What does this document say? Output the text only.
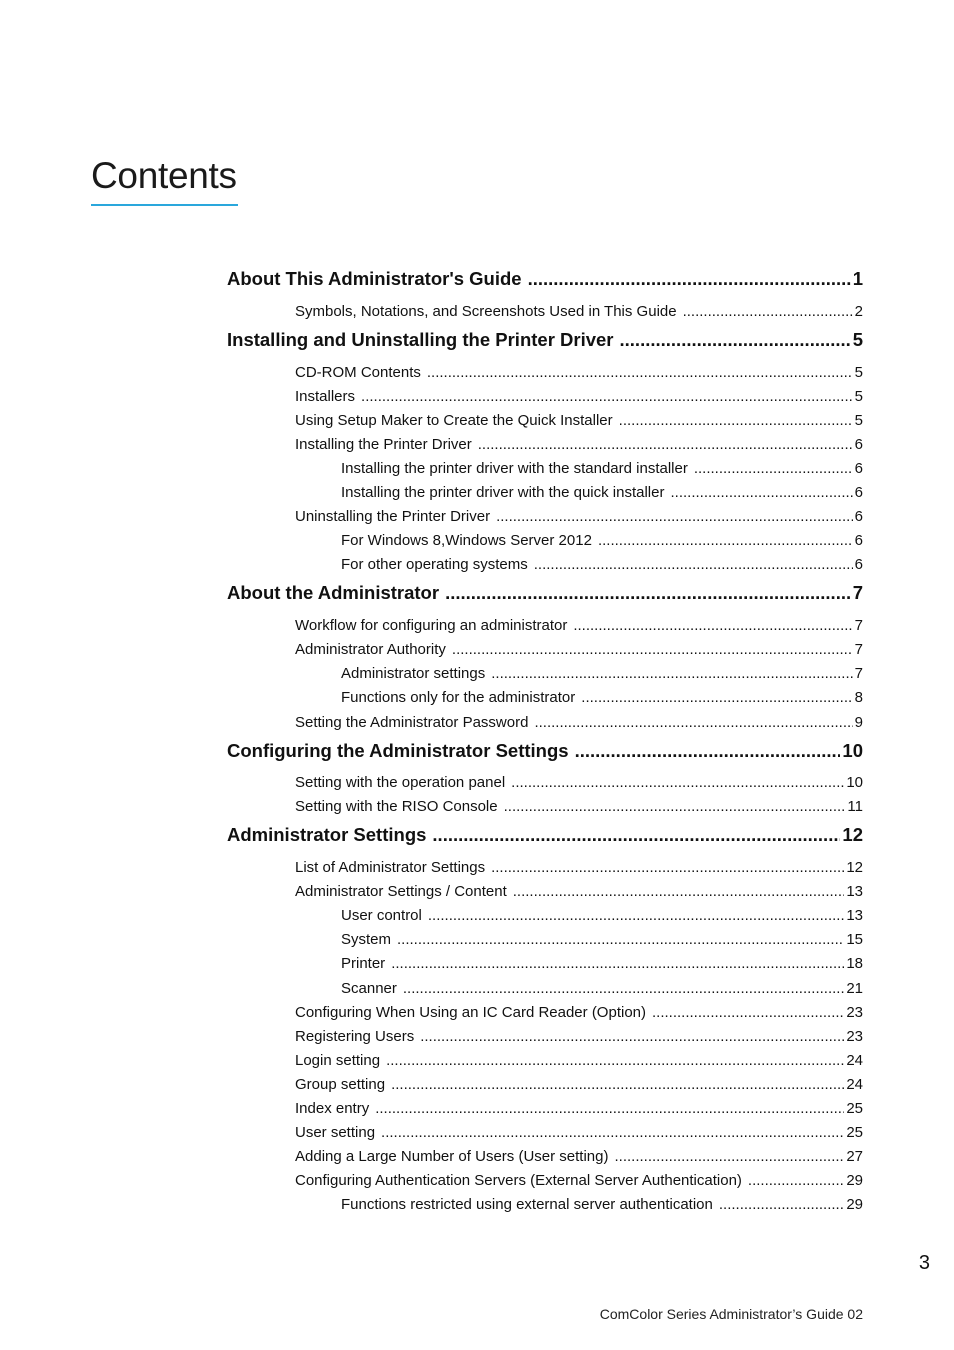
Contents
About This Administrator's Guide .....	1
Symbols, Notations, and Screenshots Used in This Guide .....	2
Installing and Uninstalling the Printer Driver .....	5
CD-ROM Contents .....	5
Installers .....	5
Using Setup Maker to Create the Quick Installer .....	5
Installing the Printer Driver .....	6
Installing the printer driver with the standard installer .....	6
Installing the printer driver with the quick installer .....	6
Uninstalling the Printer Driver .....	6
For Windows 8,Windows Server 2012 .....	6
For other operating systems .....	6
About the Administrator .....	7
Workflow for configuring an administrator .....	7
Administrator Authority .....	7
Administrator settings .....	7
Functions only for the administrator .....	8
Setting the Administrator Password .....	9
Configuring the Administrator Settings .....	10
Setting with the operation panel .....	10
Setting with the RISO Console .....	11
Administrator Settings .....	12
List of Administrator Settings .....	12
Administrator Settings / Content .....	13
User control .....	13
System .....	15
Printer .....	18
Scanner .....	21
Configuring When Using an IC Card Reader (Option) .....	23
Registering Users .....	23
Login setting .....	24
Group setting .....	24
Index entry .....	25
User setting .....	25
Adding a Large Number of Users (User setting) .....	27
Configuring Authentication Servers (External Server Authentication) .....	29
Functions restricted using external server authentication .....	29
3
ComColor Series Administrator’s Guide 02
